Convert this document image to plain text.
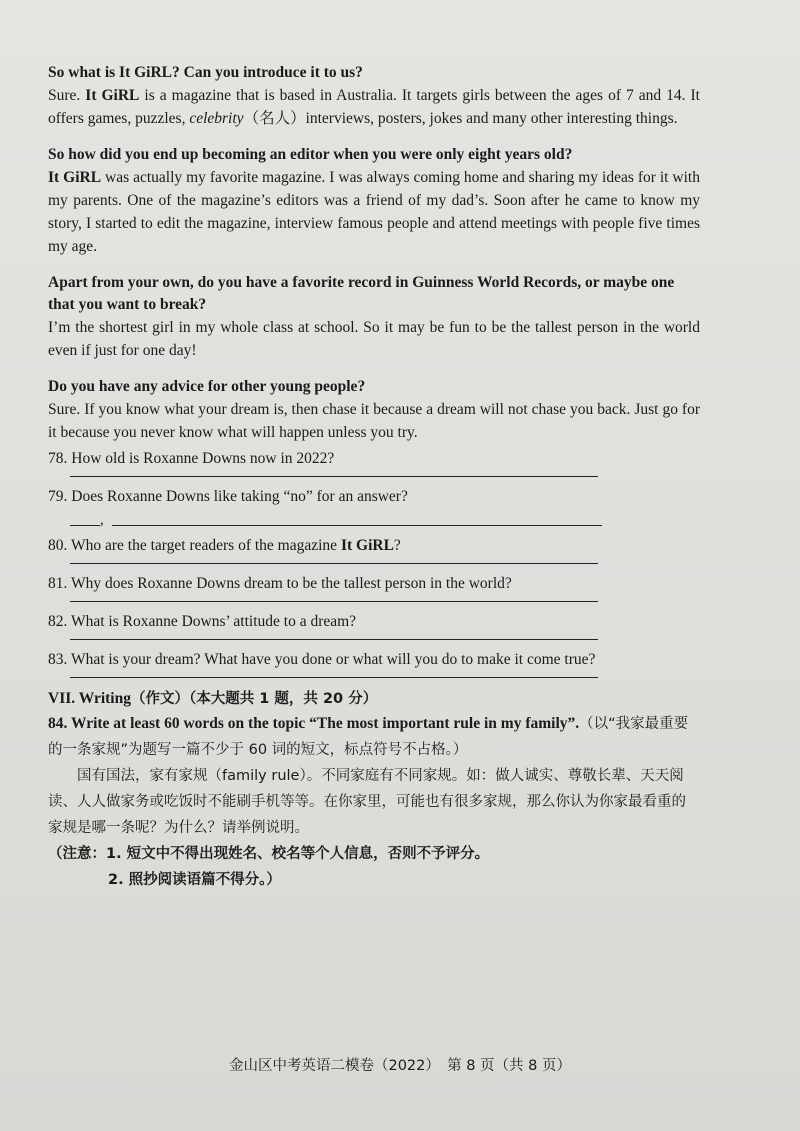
So what is It GiRL? Can you introduce it to us?

Sure. It GiRL is a magazine that is based in Australia. It targets girls between the ages of 7 and 14. It offers games, puzzles, celebrity（名人）interviews, posters, jokes and many other interesting things.

So how did you end up becoming an editor when you were only eight years old?

It GiRL was actually my favorite magazine. I was always coming home and sharing my ideas for it with my parents. One of the magazine’s editors was a friend of my dad’s. Soon after he came to know my story, I started to edit the magazine, interview famous people and attend meetings with people five times my age.

Apart from your own, do you have a favorite record in Guinness World Records, or maybe one that you want to break?

I’m the shortest girl in my whole class at school. So it may be fun to be the tallest person in the world even if just for one day!

Do you have any advice for other young people?

Sure. If you know what your dream is, then chase it because a dream will not chase you back. Just go for it because you never know what will happen unless you try.

78. How old is Roxanne Downs now in 2022?

79. Does Roxanne Downs like taking “no” for an answer?

,

80. Who are the target readers of the magazine It GiRL?

81. Why does Roxanne Downs dream to be the tallest person in the world?

82. What is Roxanne Downs’ attitude to a dream?

83. What is your dream? What have you done or what will you do to make it come true?

VII. Writing（作文）（本大题共 1 题，共 20 分）

84. Write at least 60 words on the topic “The most important rule in my family”.（以“我家最重要的一条家规”为题写一篇不少于 60 词的短文，标点符号不占格。）

国有国法，家有家规（family rule）。不同家庭有不同家规。如：做人诚实、尊敬长辈、天天阅读、人人做家务或吃饭时不能刷手机等等。在你家里，可能也有很多家规，那么你认为你家最看重的家规是哪一条呢？为什么？请举例说明。

（注意：1. 短文中不得出现姓名、校名等个人信息，否则不予评分。

2. 照抄阅读语篇不得分。）

金山区中考英语二模卷（2022）　第 8 页（共 8 页）
